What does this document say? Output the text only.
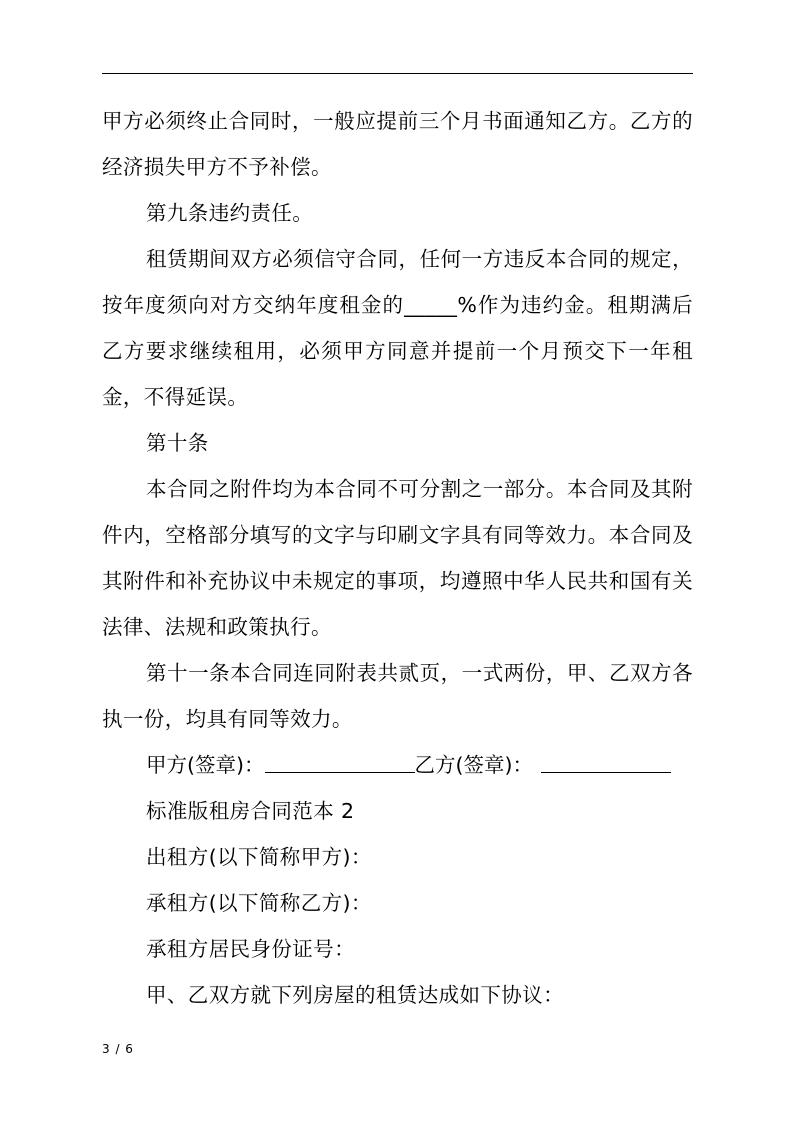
甲方必须终止合同时，一般应提前三个月书面通知乙方。乙方的经济损失甲方不予补偿。

第九条违约责任。

租赁期间双方必须信守合同，任何一方违反本合同的规定，按年度须向对方交纳年度租金的_____%作为违约金。租期满后乙方要求继续租用，必须甲方同意并提前一个月预交下一年租金，不得延误。

第十条

本合同之附件均为本合同不可分割之一部分。本合同及其附件内，空格部分填写的文字与印刷文字具有同等效力。本合同及其附件和补充协议中未规定的事项，均遵照中华人民共和国有关法律、法规和政策执行。

第十一条本合同连同附表共贰页，一式两份，甲、乙双方各执一份，均具有同等效力。

甲方(签章)：	乙方(签章)：

标准版租房合同范本 2

出租方(以下简称甲方)：

承租方(以下简称乙方)：

承租方居民身份证号：

甲、乙双方就下列房屋的租赁达成如下协议：

3 / 6
